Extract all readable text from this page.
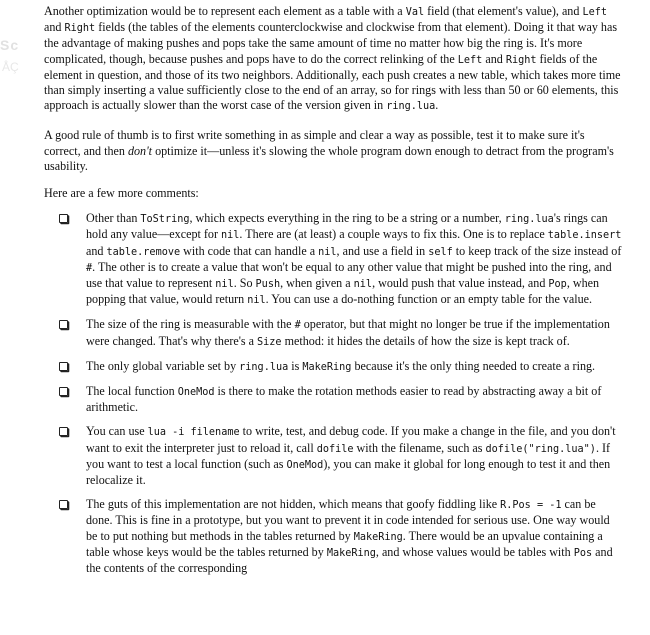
Sc
ÅÇ

Another optimization would be to represent each element as a table with a Val field (that element's value), and Left and Right fields (the tables of the elements counterclockwise and clockwise from that element). Doing it that way has the advantage of making pushes and pops take the same amount of time no matter how big the ring is. It's more complicated, though, because pushes and pops have to do the correct relinking of the Left and Right fields of the element in question, and those of its two neighbors. Additionally, each push creates a new table, which takes more time than simply inserting a value sufficiently close to the end of an array, so for rings with less than 50 or 60 elements, this approach is actually slower than the worst case of the version given in ring.lua.

A good rule of thumb is to first write something in as simple and clear a way as possible, test it to make sure it's correct, and then don't optimize it—unless it's slowing the whole program down enough to detract from the program's usability.

Here are a few more comments:

Other than ToString, which expects everything in the ring to be a string or a number, ring.lua's rings can hold any value—except for nil. There are (at least) a couple ways to fix this. One is to replace table.insert and table.remove with code that can handle a nil, and use a field in self to keep track of the size instead of #. The other is to create a value that won't be equal to any other value that might be pushed into the ring, and use that value to represent nil. So Push, when given a nil, would push that value instead, and Pop, when popping that value, would return nil. You can use a do-nothing function or an empty table for the value.
The size of the ring is measurable with the # operator, but that might no longer be true if the implementation were changed. That's why there's a Size method: it hides the details of how the size is kept track of.
The only global variable set by ring.lua is MakeRing because it's the only thing needed to create a ring.
The local function OneMod is there to make the rotation methods easier to read by abstracting away a bit of arithmetic.
You can use lua -i filename to write, test, and debug code. If you make a change in the file, and you don't want to exit the interpreter just to reload it, call dofile with the filename, such as dofile("ring.lua"). If you want to test a local function (such as OneMod), you can make it global for long enough to test it and then relocalize it.
The guts of this implementation are not hidden, which means that goofy fiddling like R.Pos = -1 can be done. This is fine in a prototype, but you want to prevent it in code intended for serious use. One way would be to put nothing but methods in the tables returned by MakeRing. There would be an upvalue containing a table whose keys would be the tables returned by MakeRing, and whose values would be tables with Pos and the contents of the corresponding
